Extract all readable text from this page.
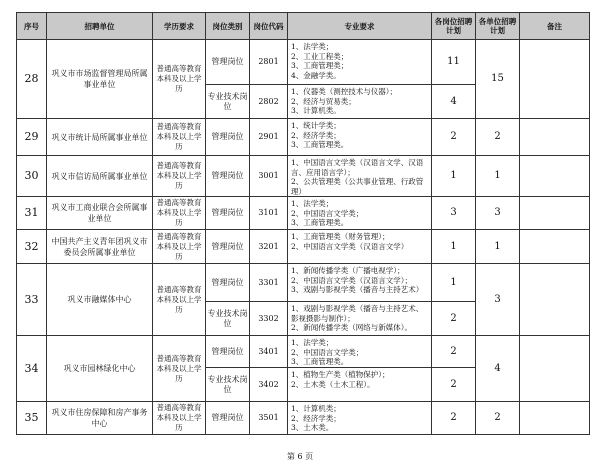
序号	招聘单位	学历要求	岗位类别	岗位代码	专业要求	各岗位招聘计划	各单位招聘计划	备注
28	巩义市市场监督管理局所属事业单位	普通高等教育本科及以上学历	管理岗位	2801	1、法学类；
2、工业工程类；
3、工商管理类；
4、金融学类。	11	15	
			专业技术岗位	2802	1、仪器类（测控技术与仪器）；
2、经济与贸易类；
3、计算机类。	4		
29	巩义市统计局所属事业单位	普通高等教育本科及以上学历	管理岗位	2901	1、统计学类；
2、经济学类；
3、工商管理类。	2	2	
30	巩义市信访局所属事业单位	普通高等教育本科及以上学历	管理岗位	3001	1、中国语言文学类（汉语言文学、汉语言、应用语言学）；
2、公共管理类（公共事业管理、行政管理）	1	1	
31	巩义市工商业联合会所属事业单位	普通高等教育本科及以上学历	管理岗位	3101	1、法学类；
2、中国语言文学类；
3、工商管理类。	3	3	
32	中国共产主义青年团巩义市委员会所属事业单位	普通高等教育本科及以上学历	管理岗位	3201	1、工商管理类（财务管理）；
2、中国语言文学类（汉语言文学）	1	1	
33	巩义市融媒体中心	普通高等教育本科及以上学历	管理岗位	3301	1、新闻传播学类（广播电视学）；
2、中国语言文学类（汉语言文学）；
3、戏剧与影视学类（播音与主持艺术）	1	3	
			专业技术岗位	3302	1、戏剧与影视学类（播音与主持艺术、影视摄影与制作）；
2、新闻传播学类（网络与新媒体）。	2		
34	巩义市园林绿化中心	普通高等教育本科及以上学历	管理岗位	3401	1、法学类；
2、中国语言文学类；
3、工商管理类。	2	4	
			专业技术岗位	3402	1、植物生产类（植物保护）；
2、土木类（土木工程）。	2		
35	巩义市住房保障和房产事务中心	普通高等教育本科及以上学历	管理岗位	3501	1、计算机类；
2、经济学类；
3、土木类。	2	2	
第 6 页
